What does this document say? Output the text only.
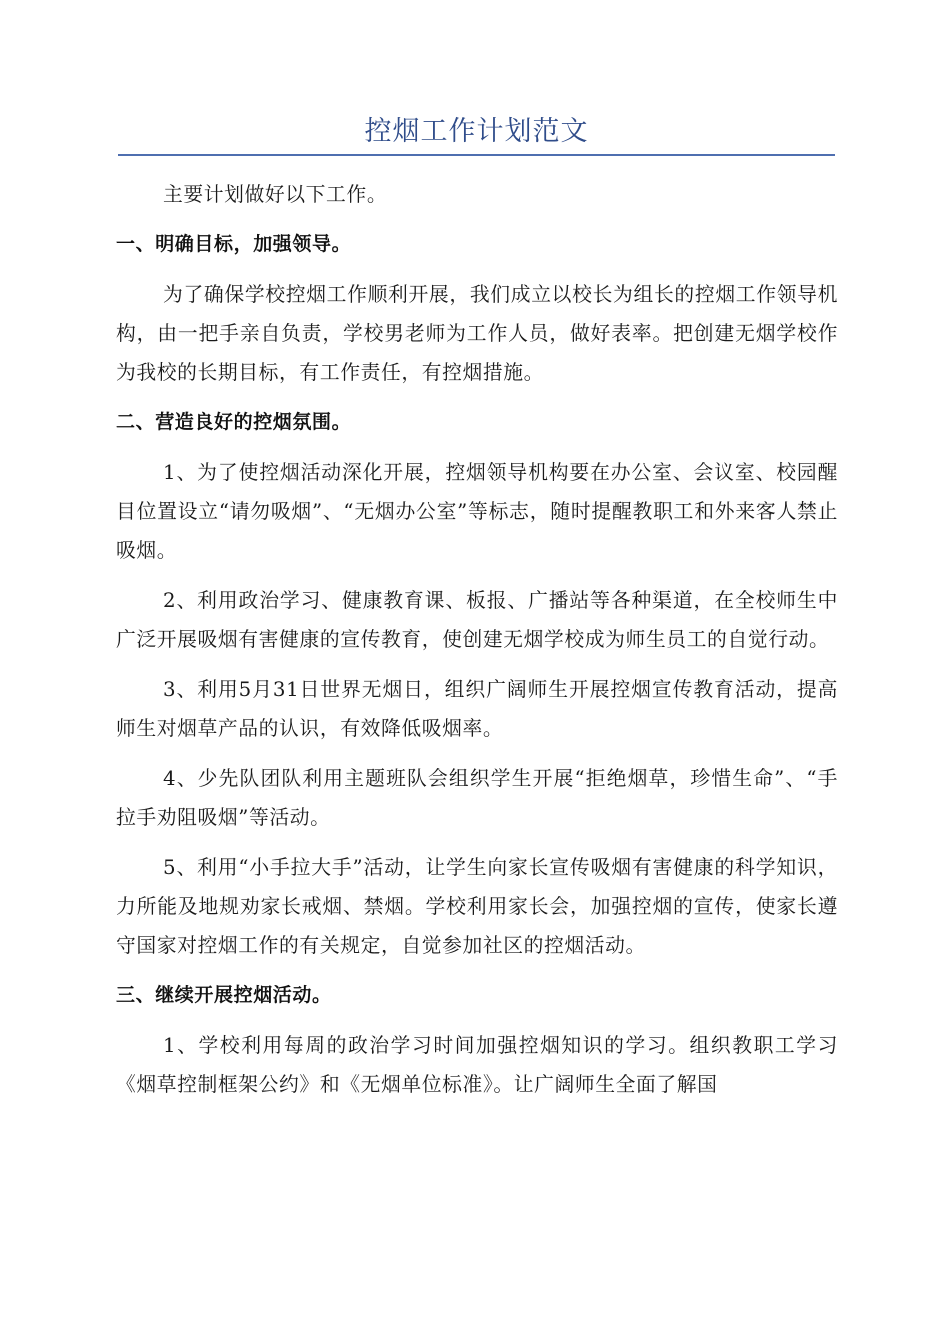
控烟工作计划范文

主要计划做好以下工作。

一、明确目标，加强领导。

为了确保学校控烟工作顺利开展，我们成立以校长为组长的控烟工作领导机构，由一把手亲自负责，学校男老师为工作人员，做好表率。把创建无烟学校作为我校的长期目标，有工作责任，有控烟措施。

二、营造良好的控烟氛围。

1、为了使控烟活动深化开展，控烟领导机构要在办公室、会议室、校园醒目位置设立“请勿吸烟”、“无烟办公室”等标志，随时提醒教职工和外来客人禁止吸烟。

2、利用政治学习、健康教育课、板报、广播站等各种渠道，在全校师生中广泛开展吸烟有害健康的宣传教育，使创建无烟学校成为师生员工的自觉行动。

3、利用5月31日世界无烟日，组织广阔师生开展控烟宣传教育活动，提高师生对烟草产品的认识，有效降低吸烟率。

4、少先队团队利用主题班队会组织学生开展“拒绝烟草，珍惜生命”、“手拉手劝阻吸烟”等活动。

5、利用“小手拉大手”活动，让学生向家长宣传吸烟有害健康的科学知识，力所能及地规劝家长戒烟、禁烟。学校利用家长会，加强控烟的宣传，使家长遵守国家对控烟工作的有关规定，自觉参加社区的控烟活动。

三、继续开展控烟活动。

1、学校利用每周的政治学习时间加强控烟知识的学习。组织教职工学习《烟草控制框架公约》和《无烟单位标准》。让广阔师生全面了解国
